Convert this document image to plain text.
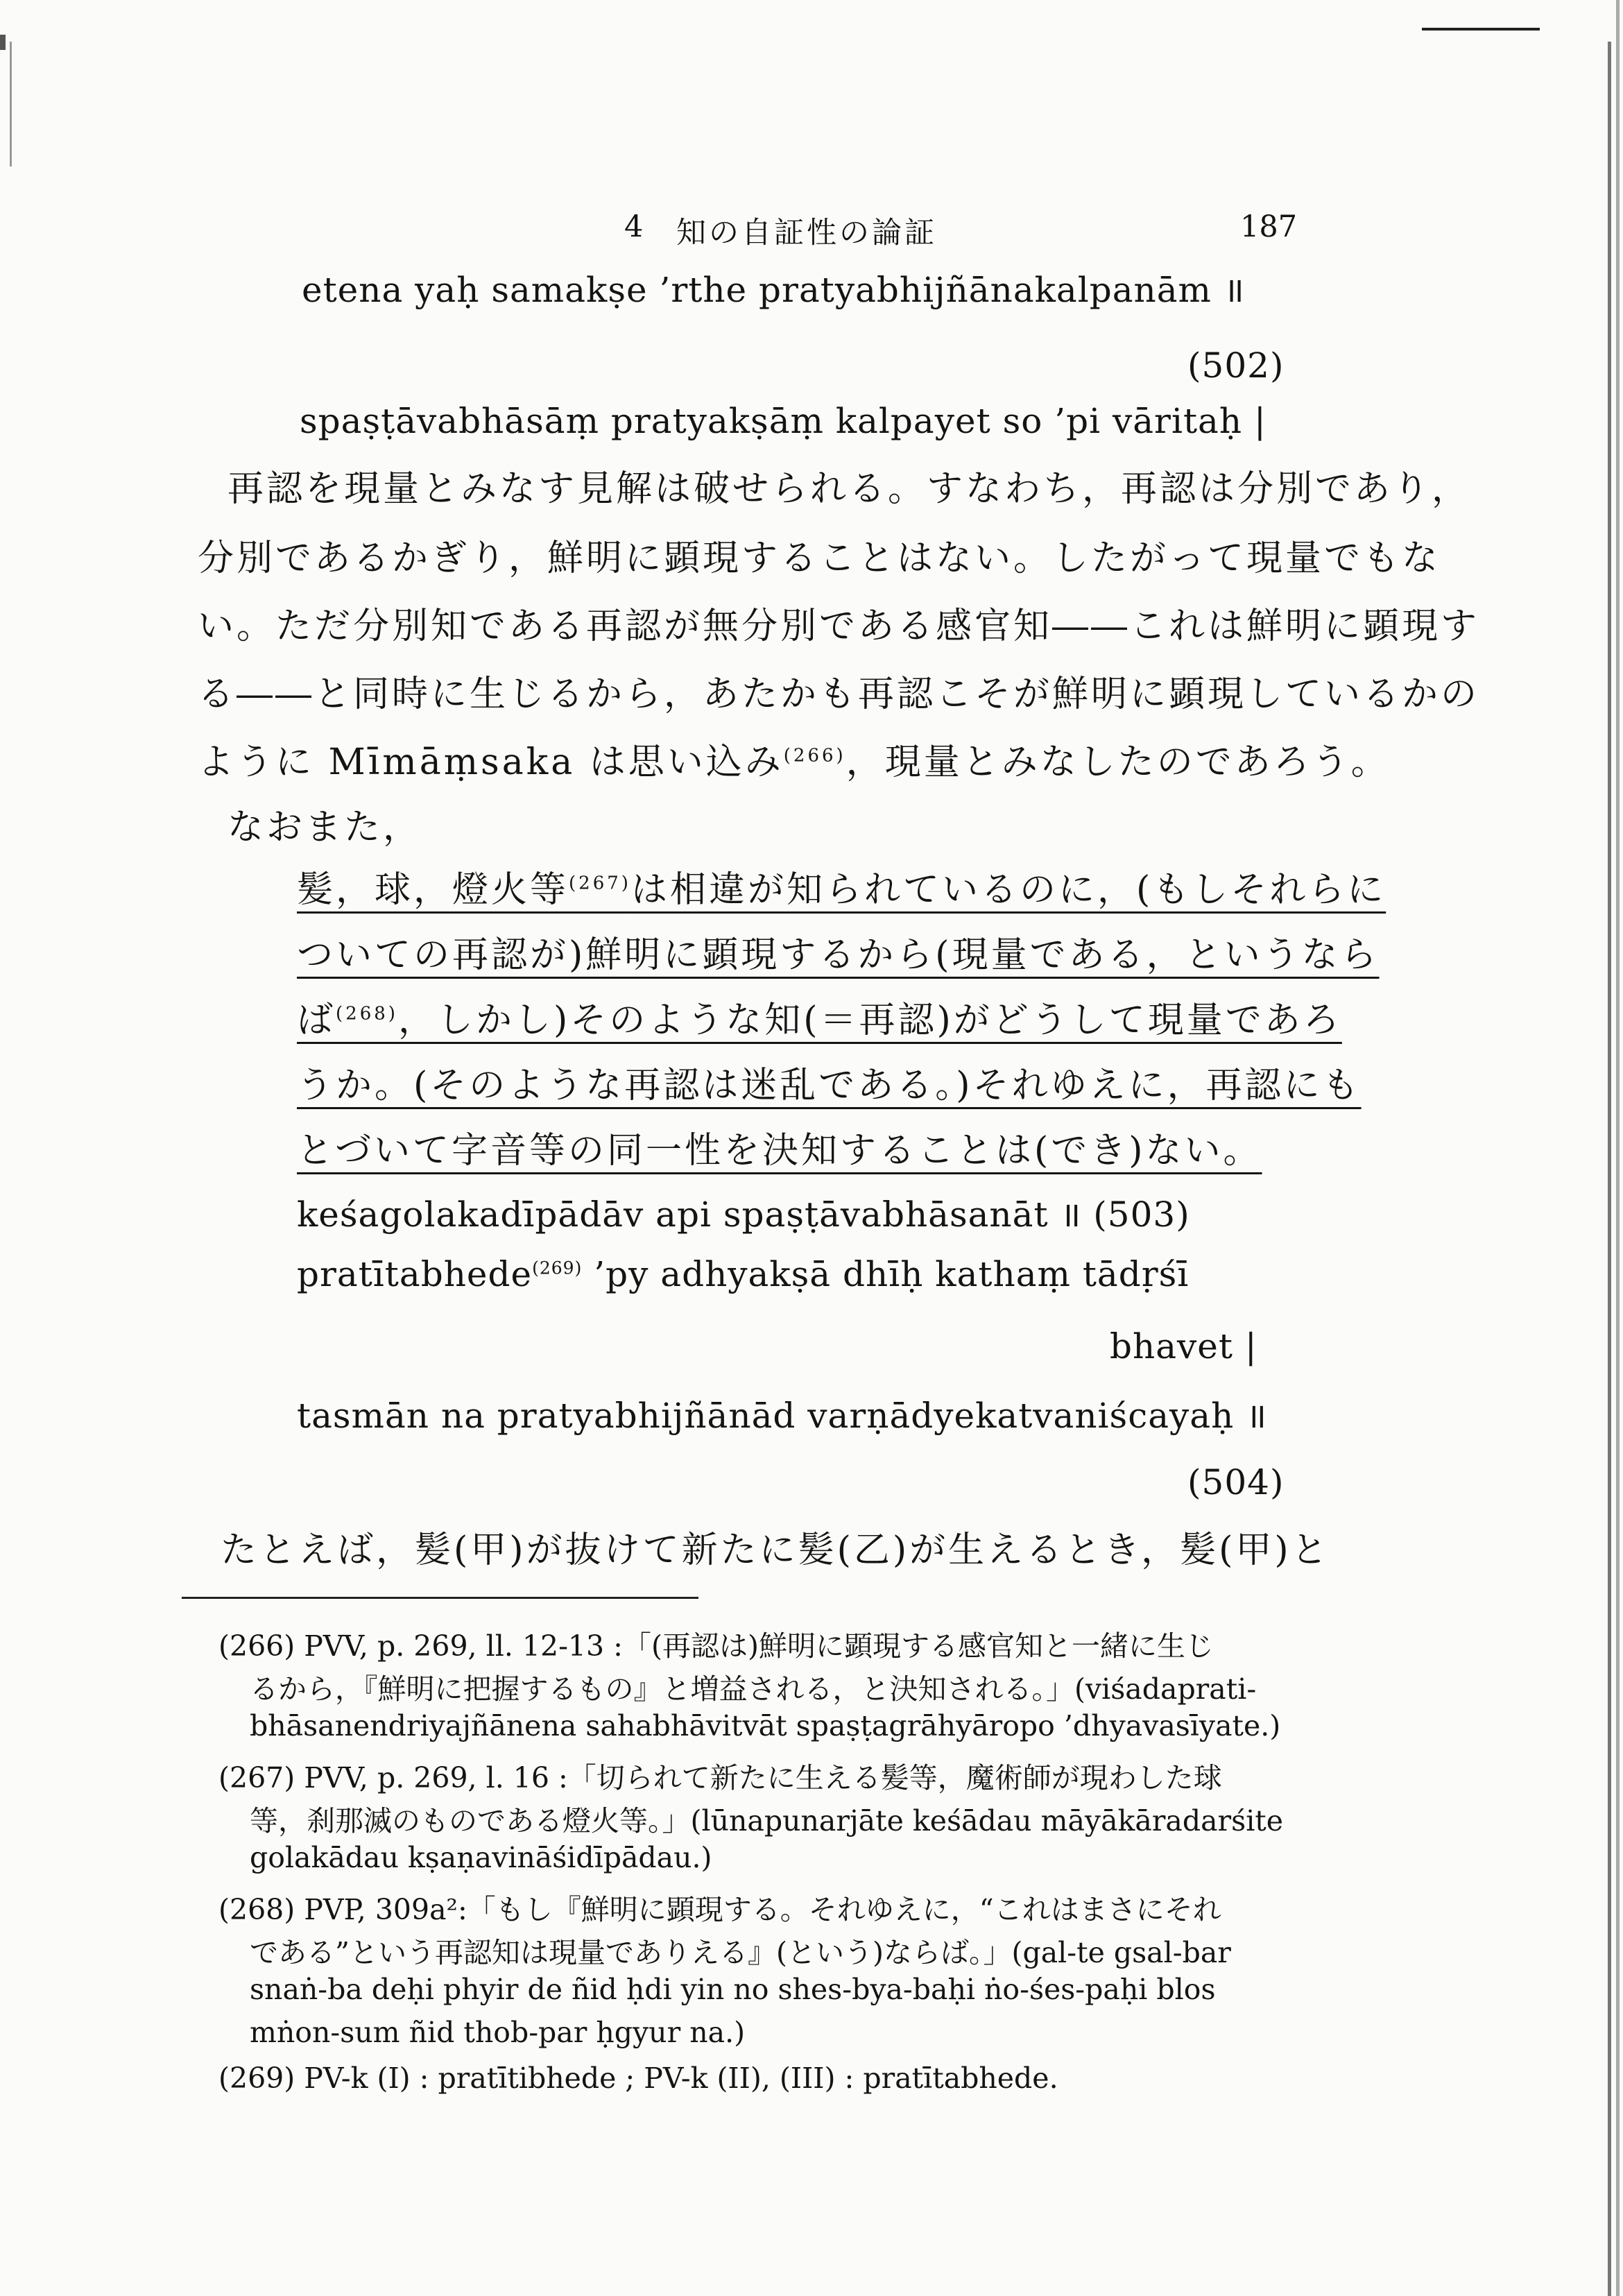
4 知の自証性の論証	187
etena yaḥ samakṣe ’rthe pratyabhijñānakalpanām ॥
(502)
spaṣṭāvabhāsāṃ pratyakṣāṃ kalpayet so ’pi vāritaḥ |
再認を現量とみなす見解は破せられる。すなわち，再認は分別であり，
分別であるかぎり，鮮明に顕現することはない。したがって現量でもな
い。ただ分別知である再認が無分別である感官知――これは鮮明に顕現す
る――と同時に生じるから，あたかも再認こそが鮮明に顕現しているかの
ように Mīmāṃsaka は思い込み$^{(266)}$，現量とみなしたのであろう。
なおまた，
髪，球，燈火等$^{(267)}$は相違が知られているのに，(もしそれらに
ついての再認が)鮮明に顕現するから(現量である，というなら
ば$^{(268)}$，しかし)そのような知(＝再認)がどうして現量であろ
うか。(そのような再認は迷乱である。)それゆえに，再認にも
とづいて字音等の同一性を決知することは(でき)ない。
keśagolakadīpādāv api spaṣṭāvabhāsanāt ॥ (503)
pratītabhede$^{(269)}$ ’py adhyakṣā dhīḥ kathaṃ tādṛśī
bhavet |
tasmān na pratyabhijñānād varṇādyekatvaniścayaḥ ॥
(504)
たとえば，髪(甲)が抜けて新たに髪(乙)が生えるとき，髪(甲)と
(266) PVV, p. 269, ll. 12-13 :「(再認は)鮮明に顕現する感官知と一緒に生じ
るから，『鮮明に把握するもの』と増益される，と決知される。」(viśadaprati-
bhāsanendriyajñānena sahabhāvitvāt spaṣṭagrāhyāropo ’dhyavasīyate.)
(267) PVV, p. 269, l. 16 :「切られて新たに生える髪等，魔術師が現わした球
等，刹那滅のものである燈火等。」(lūnapunarjāte keśādau māyākāradarśite
golakādau kṣaṇavināśidīpādau.)
(268) PVP, 309a²:「もし『鮮明に顕現する。それゆえに，“これはまさにそれ
である”という再認知は現量でありえる』(という)ならば。」(gal-te gsal-bar
snaṅ-ba deḥi phyir de ñid ḥdi yin no shes-bya-baḥi ṅo-śes-paḥi blos
mṅon-sum ñid thob-par ḥgyur na.)
(269) PV-k (I) : pratītibhede ; PV-k (II), (III) : pratītabhede.
